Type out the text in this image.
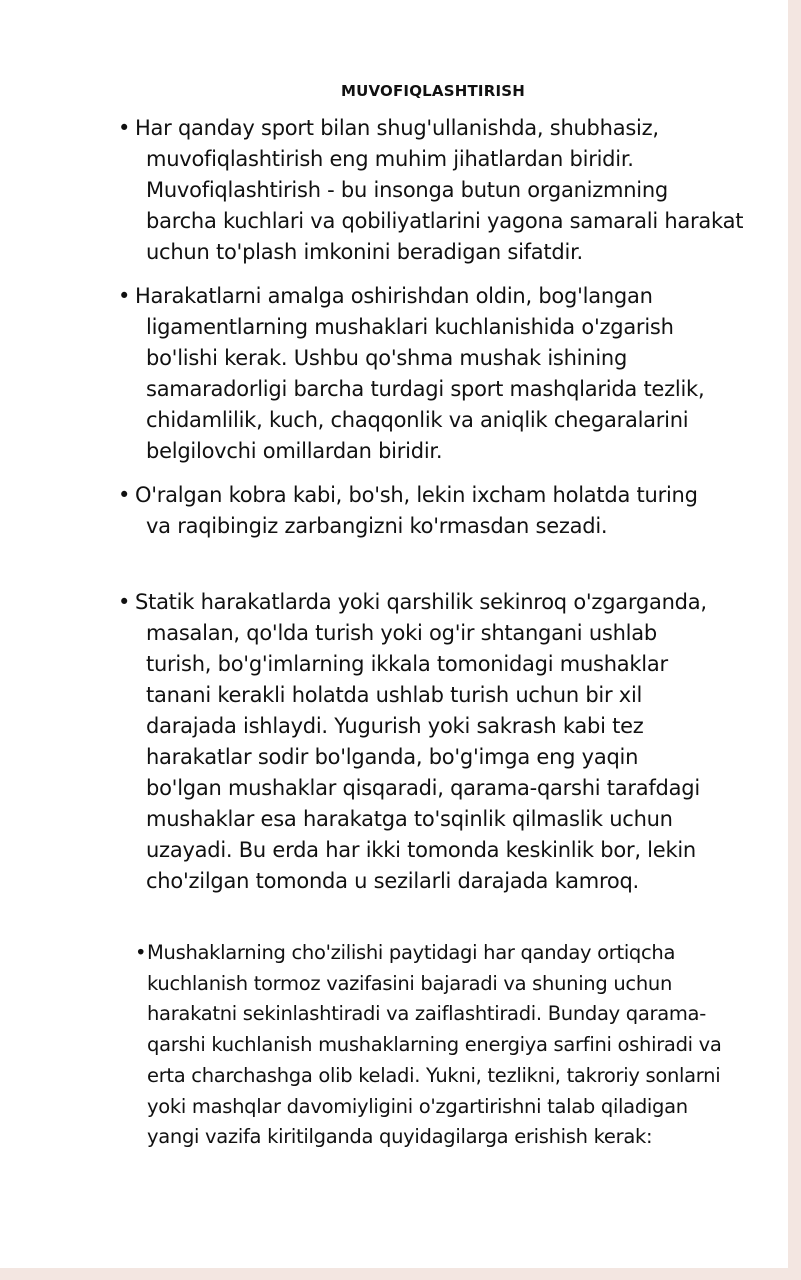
MUVOFIQLASHTIRISH

• Har qanday sport bilan shug'ullanishda, shubhasiz,
muvofiqlashtirish eng muhim jihatlardan biridir.
Muvofiqlashtirish - bu insonga butun organizmning
barcha kuchlari va qobiliyatlarini yagona samarali harakat
uchun to'plash imkonini beradigan sifatdir.

• Harakatlarni amalga oshirishdan oldin, bog'langan
ligamentlarning mushaklari kuchlanishida o'zgarish
bo'lishi kerak. Ushbu qo'shma mushak ishining
samaradorligi barcha turdagi sport mashqlarida tezlik,
chidamlilik, kuch, chaqqonlik va aniqlik chegaralarini
belgilovchi omillardan biridir.

• O'ralgan kobra kabi, bo'sh, lekin ixcham holatda turing
va raqibingiz zarbangizni ko'rmasdan sezadi.

• Statik harakatlarda yoki qarshilik sekinroq o'zgarganda,
masalan, qo'lda turish yoki og'ir shtangani ushlab
turish, bo'g'imlarning ikkala tomonidagi mushaklar
tanani kerakli holatda ushlab turish uchun bir xil
darajada ishlaydi. Yugurish yoki sakrash kabi tez
harakatlar sodir bo'lganda, bo'g'imga eng yaqin
bo'lgan mushaklar qisqaradi, qarama-qarshi tarafdagi
mushaklar esa harakatga to'sqinlik qilmaslik uchun
uzayadi. Bu erda har ikki tomonda keskinlik bor, lekin
cho'zilgan tomonda u sezilarli darajada kamroq.

•Mushaklarning cho'zilishi paytidagi har qanday ortiqcha
kuchlanish tormoz vazifasini bajaradi va shuning uchun
harakatni sekinlashtiradi va zaiflashtiradi. Bunday qarama-
qarshi kuchlanish mushaklarning energiya sarfini oshiradi va
erta charchashga olib keladi. Yukni, tezlikni, takroriy sonlarni
yoki mashqlar davomiyligini o'zgartirishni talab qiladigan
yangi vazifa kiritilganda quyidagilarga erishish kerak:
